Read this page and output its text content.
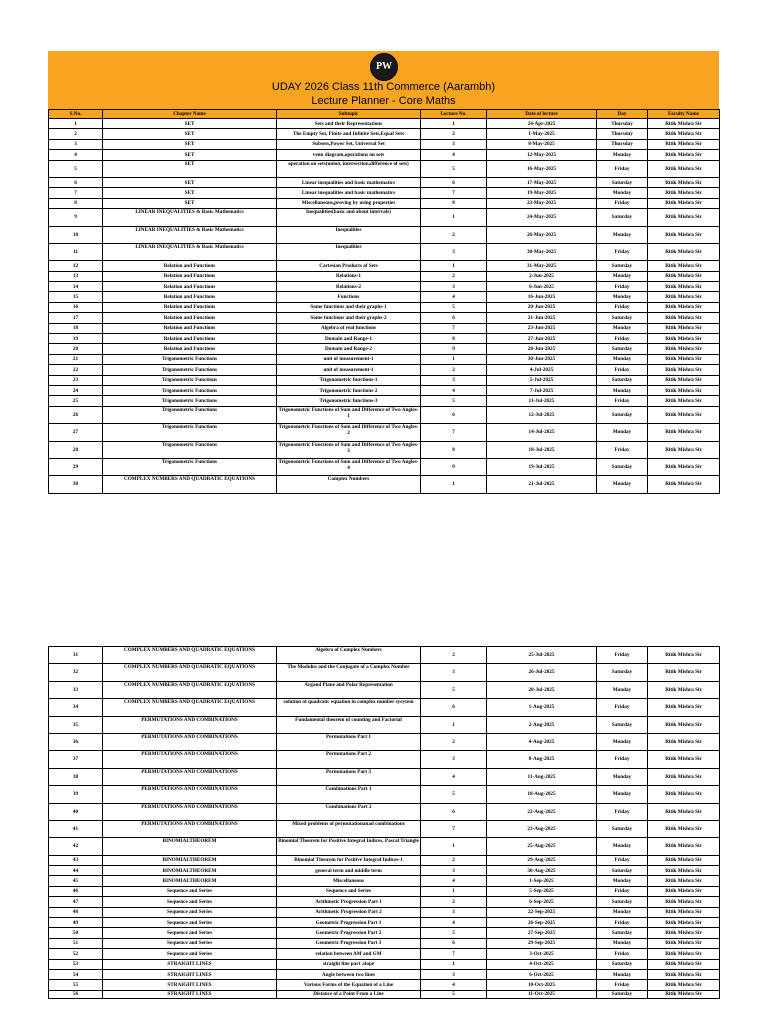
PW
UDAY 2026 Class 11th Commerce (Aarambh)
Lecture Planner - Core Maths
S.No.	Chapter Name	Subtopic	Lecture No.	Date of lecture	Day	Faculty Name
1	SET	Sets and their Representations	1	24-Apr-2025	Thursday	Ritik Mishra Sir
2	SET	The Empty Set, Finite and Infinite Sets,Equal Sets	2	1-May-2025	Thursday	Ritik Mishra Sir
3	SET	Subsets,Power Set, Universal Set	3	8-May-2025	Thursday	Ritik Mishra Sir
4	SET	venn diagram,operations on sets	4	12-May-2025	Monday	Ritik Mishra Sir
5	SET	operation on sets(union, intersection,difference of sets)	5	16-May-2025	Friday	Ritik Mishra Sir
6	SET	Linear inequalities and basic mathematics	6	17-May-2025	Saturday	Ritik Mishra Sir
7	SET	Linear inequalities and basic mathematics	7	19-May-2025	Monday	Ritik Mishra Sir
8	SET	Miscellaneous,proving by using properties	8	23-May-2025	Friday	Ritik Mishra Sir
9	LINEAR INEQUALITIES & Basic Mathematics	Inequalities(basic and about intervals)	1	24-May-2025	Saturday	Ritik Mishra Sir
10	LINEAR INEQUALITIES & Basic Mathematics	Inequalities	2	26-May-2025	Monday	Ritik Mishra Sir
11	LINEAR INEQUALITIES & Basic Mathematics	Inequalities	3	30-May-2025	Friday	Ritik Mishra Sir
12	Relation and Functions	Cartesian Products of Sets	1	31-May-2025	Saturday	Ritik Mishra Sir
13	Relation and Functions	Relations-1	2	2-Jun-2025	Monday	Ritik Mishra Sir
14	Relation and Functions	Relations-2	3	6-Jun-2025	Friday	Ritik Mishra Sir
15	Relation and Functions	Functions	4	16-Jun-2025	Monday	Ritik Mishra Sir
16	Relation and Functions	Some functions and their graphs-1	5	20-Jun-2025	Friday	Ritik Mishra Sir
17	Relation and Functions	Some functions and their graphs-2	6	21-Jun-2025	Saturday	Ritik Mishra Sir
18	Relation and Functions	Algebra of real functions	7	23-Jun-2025	Monday	Ritik Mishra Sir
19	Relation and Functions	Domain and Range-1	8	27-Jun-2025	Friday	Ritik Mishra Sir
20	Relation and Functions	Domain and Range-2	9	28-Jun-2025	Saturday	Ritik Mishra Sir
21	Trigonometric Functions	unit of measurement-1	1	30-Jun-2025	Monday	Ritik Mishra Sir
22	Trigonometric Functions	unit of measurement-1	2	4-Jul-2025	Friday	Ritik Mishra Sir
23	Trigonometric Functions	Trigonometric functions-1	3	5-Jul-2025	Saturday	Ritik Mishra Sir
24	Trigonometric Functions	Trigonometric functions-2	4	7-Jul-2025	Monday	Ritik Mishra Sir
25	Trigonometric Functions	Trigonometric functions-3	5	11-Jul-2025	Friday	Ritik Mishra Sir
26	Trigonometric Functions	Trigonometric Functions of Sum and Difference of Two Angles-1	6	12-Jul-2025	Saturday	Ritik Mishra Sir
27	Trigonometric Functions	Trigonometric Functions of Sum and Difference of Two Angles-2	7	14-Jul-2025	Monday	Ritik Mishra Sir
28	Trigonometric Functions	Trigonometric Functions of Sum and Difference of Two Angles-3	8	18-Jul-2025	Friday	Ritik Mishra Sir
29	Trigonometric Functions	Trigonometric Functions of Sum and Difference of Two Angles-4	9	19-Jul-2025	Saturday	Ritik Mishra Sir
30	COMPLEX NUMBERS AND QUADRATIC EQUATIONS	Complex Numbers	1	21-Jul-2025	Monday	Ritik Mishra Sir
31	COMPLEX NUMBERS AND QUADRATIC EQUATIONS	Algebra of Complex Numbers	2	25-Jul-2025	Friday	Ritik Mishra Sir
32	COMPLEX NUMBERS AND QUADRATIC EQUATIONS	The Modulus and the Conjugate of a Complex Number	3	26-Jul-2025	Saturday	Ritik Mishra Sir
33	COMPLEX NUMBERS AND QUADRATIC EQUATIONS	Argand Plane and Polar Representation	5	28-Jul-2025	Monday	Ritik Mishra Sir
34	COMPLEX NUMBERS AND QUADRATIC EQUATIONS	solution of quadratic equation in complex number syeytem	6	1-Aug-2025	Friday	Ritik Mishra Sir
35	PERMUTATIONS AND COMBINATIONS	Fundamental theorem of counting and Factorial	1	2-Aug-2025	Saturday	Ritik Mishra Sir
36	PERMUTATIONS AND COMBINATIONS	Permutations Part 1	2	4-Aug-2025	Monday	Ritik Mishra Sir
37	PERMUTATIONS AND COMBINATIONS	Permutations Part 2	3	8-Aug-2025	Friday	Ritik Mishra Sir
38	PERMUTATIONS AND COMBINATIONS	Permutations Part 3	4	11-Aug-2025	Monday	Ritik Mishra Sir
39	PERMUTATIONS AND COMBINATIONS	Combinations Part 1	5	18-Aug-2025	Monday	Ritik Mishra Sir
40	PERMUTATIONS AND COMBINATIONS	Combinations Part 2	6	22-Aug-2025	Friday	Ritik Mishra Sir
41	PERMUTATIONS AND COMBINATIONS	Mixed problems of permutationanad combinations	7	23-Aug-2025	Saturday	Ritik Mishra Sir
42	BINOMIALTHEOREM	Binomial Theorem for Positive Integral Indices, Pascal Triangle	1	25-Aug-2025	Monday	Ritik Mishra Sir
43	BINOMIALTHEOREM	Binomial Theorem for Positive Integral Indices-1	2	29-Aug-2025	Friday	Ritik Mishra Sir
44	BINOMIALTHEOREM	general term and middle term	3	30-Aug-2025	Saturday	Ritik Mishra Sir
45	BINOMIALTHEOREM	Miscellaneous	4	1-Sep-2025	Monday	Ritik Mishra Sir
46	Sequence and Series	Sequence and Series	1	5-Sep-2025	Friday	Ritik Mishra Sir
47	Sequence and Series	Arithmetic Progression Part 1	2	6-Sep-2025	Saturday	Ritik Mishra Sir
48	Sequence and Series	Arithmetic Progression Part 2	3	22-Sep-2025	Monday	Ritik Mishra Sir
49	Sequence and Series	Geometric Progression Part 1	4	26-Sep-2025	Friday	Ritik Mishra Sir
50	Sequence and Series	Geometric Progression Part 2	5	27-Sep-2025	Saturday	Ritik Mishra Sir
51	Sequence and Series	Geometric Progression Part 3	6	29-Sep-2025	Monday	Ritik Mishra Sir
52	Sequence and Series	relation between AM and GM	7	3-Oct-2025	Friday	Ritik Mishra Sir
53	STRAIGHT LINES	straight line part ,slope	1	4-Oct-2025	Saturday	Ritik Mishra Sir
54	STRAIGHT LINES	Angle between two lines	3	6-Oct-2025	Monday	Ritik Mishra Sir
55	STRAIGHT LINES	Various Forms of the Equation of a Line	4	10-Oct-2025	Friday	Ritik Mishra Sir
56	STRAIGHT LINES	Distance of a Point From a Line	5	11-Oct-2025	Saturday	Ritik Mishra Sir
